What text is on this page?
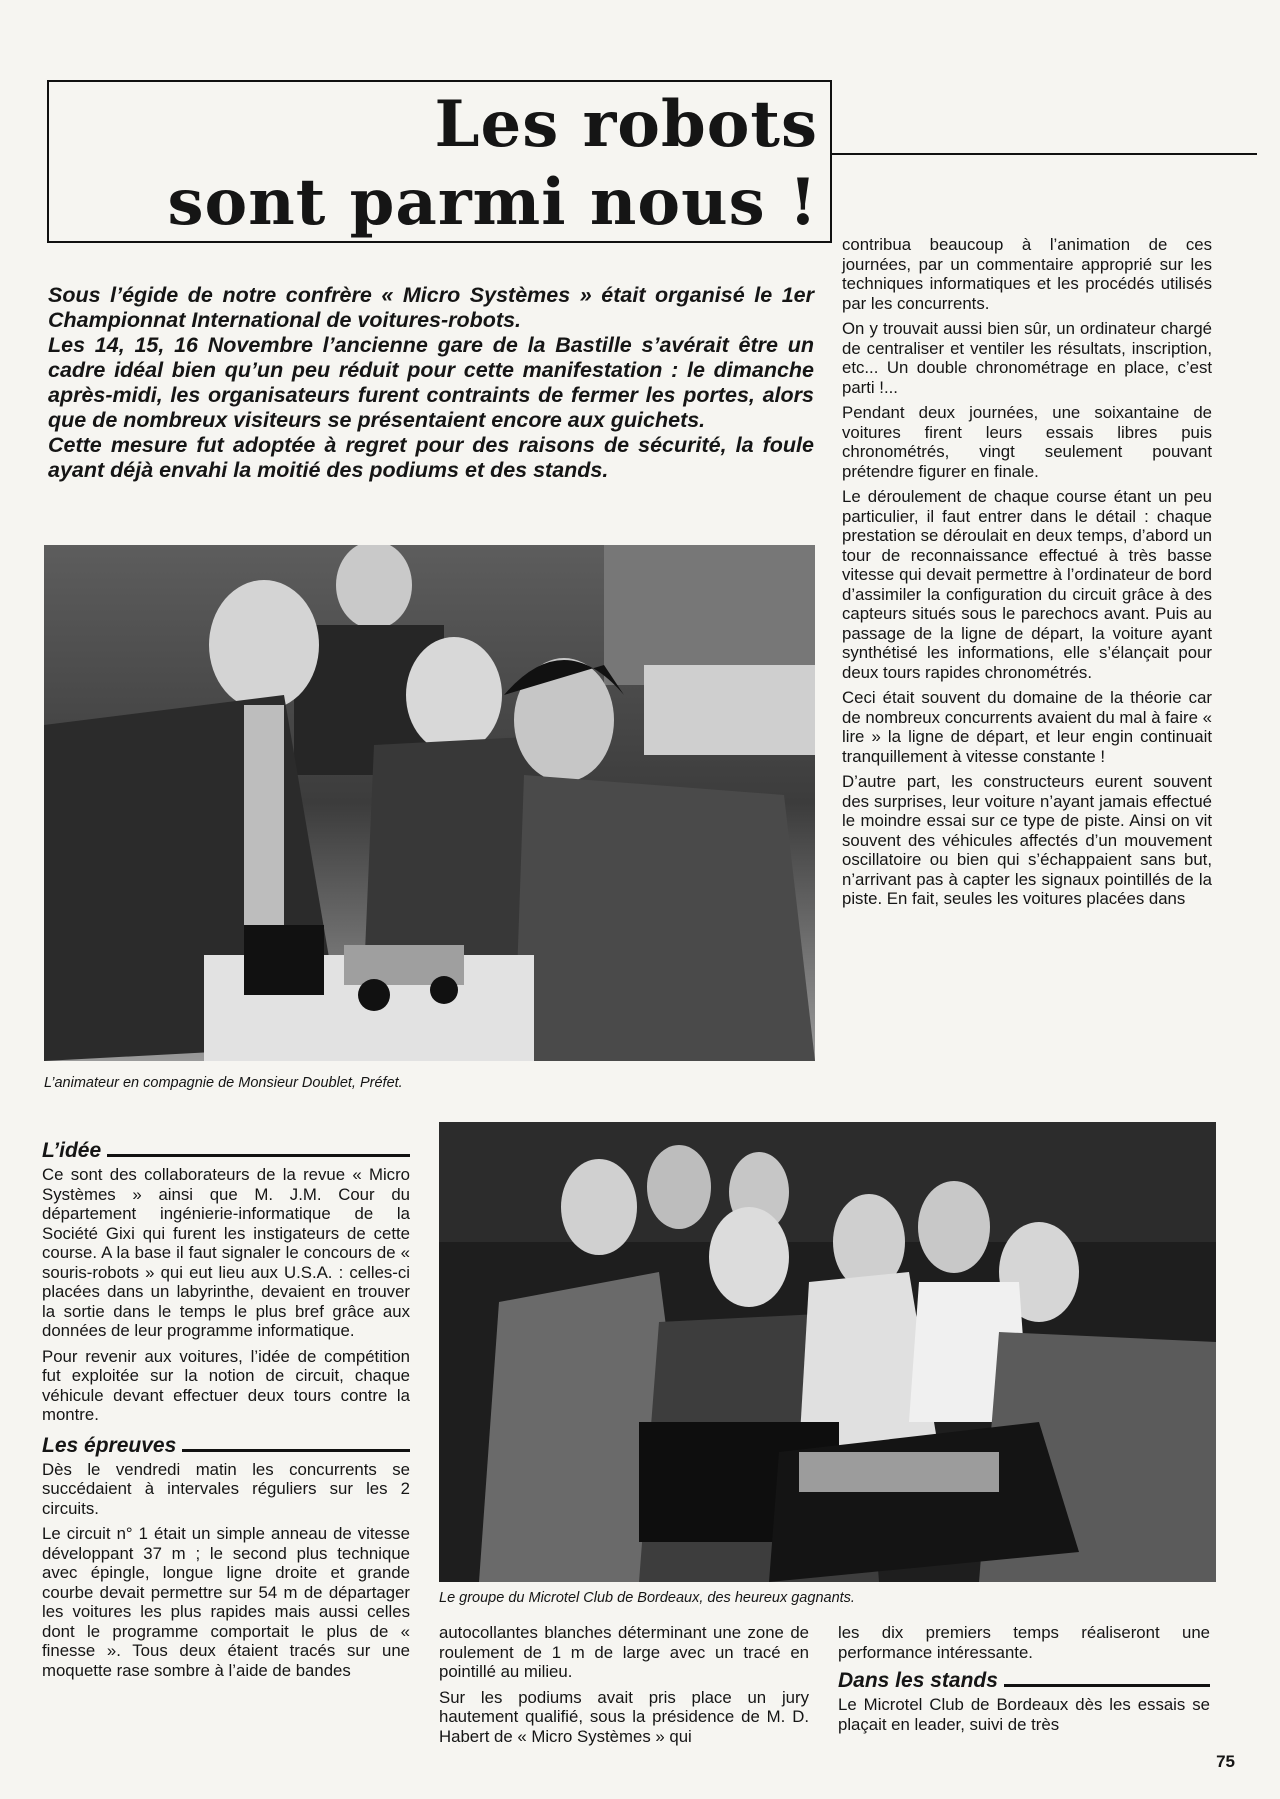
Les robots
sont parmi nous !

Sous l’égide de notre confrère « Micro Systèmes » était organisé le 1er Championnat International de voitures-robots.

Les 14, 15, 16 Novembre l’ancienne gare de la Bastille s’avérait être un cadre idéal bien qu’un peu réduit pour cette manifestation : le dimanche après-midi, les organisateurs furent contraints de fermer les portes, alors que de nombreux visiteurs se présentaient encore aux guichets.

Cette mesure fut adoptée à regret pour des raisons de sécurité, la foule ayant déjà envahi la moitié des podiums et des stands.

L’animateur en compagnie de Monsieur Doublet, Préfet.

contribua beaucoup à l’animation de ces journées, par un commentaire approprié sur les techniques informatiques et les procédés utilisés par les concurrents.

On y trouvait aussi bien sûr, un ordinateur chargé de centraliser et ventiler les résultats, inscription, etc... Un double chronométrage en place, c’est parti !...

Pendant deux journées, une soixantaine de voitures firent leurs essais libres puis chronométrés, vingt seulement pouvant prétendre figurer en finale.

Le déroulement de chaque course étant un peu particulier, il faut entrer dans le détail : chaque prestation se déroulait en deux temps, d’abord un tour de reconnaissance effectué à très basse vitesse qui devait permettre à l’ordinateur de bord d’assimiler la configuration du circuit grâce à des capteurs situés sous le parechocs avant. Puis au passage de la ligne de départ, la voiture ayant synthétisé les informations, elle s’élançait pour deux tours rapides chronométrés.

Ceci était souvent du domaine de la théorie car de nombreux concurrents avaient du mal à faire « lire » la ligne de départ, et leur engin continuait tranquillement à vitesse constante !

D’autre part, les constructeurs eurent souvent des surprises, leur voiture n’ayant jamais effectué le moindre essai sur ce type de piste. Ainsi on vit souvent des véhicules affectés d’un mouvement oscillatoire ou bien qui s’échappaient sans but, n’arrivant pas à capter les signaux pointillés de la piste. En fait, seules les voitures placées dans

L’idée

Ce sont des collaborateurs de la revue « Micro Systèmes » ainsi que M. J.M. Cour du département ingénierie-informatique de la Société Gixi qui furent les instigateurs de cette course. A la base il faut signaler le concours de « souris-robots » qui eut lieu aux U.S.A. : celles-ci placées dans un labyrinthe, devaient en trouver la sortie dans le temps le plus bref grâce aux données de leur programme informatique.

Pour revenir aux voitures, l’idée de compétition fut exploitée sur la notion de circuit, chaque véhicule devant effectuer deux tours contre la montre.

Les épreuves

Dès le vendredi matin les concurrents se succédaient à intervales réguliers sur les 2 circuits.

Le circuit n° 1 était un simple anneau de vitesse développant 37 m ; le second plus technique avec épingle, longue ligne droite et grande courbe devait permettre sur 54 m de départager les voitures les plus rapides mais aussi celles dont le programme comportait le plus de « finesse ». Tous deux étaient tracés sur une moquette rase sombre à l’aide de bandes

Le groupe du Microtel Club de Bordeaux, des heureux gagnants.

autocollantes blanches déterminant une zone de roulement de 1 m de large avec un tracé en pointillé au milieu.

Sur les podiums avait pris place un jury hautement qualifié, sous la présidence de M. D. Habert de « Micro Systèmes » qui

les dix premiers temps réaliseront une performance intéressante.

Dans les stands

Le Microtel Club de Bordeaux dès les essais se plaçait en leader, suivi de très

75
